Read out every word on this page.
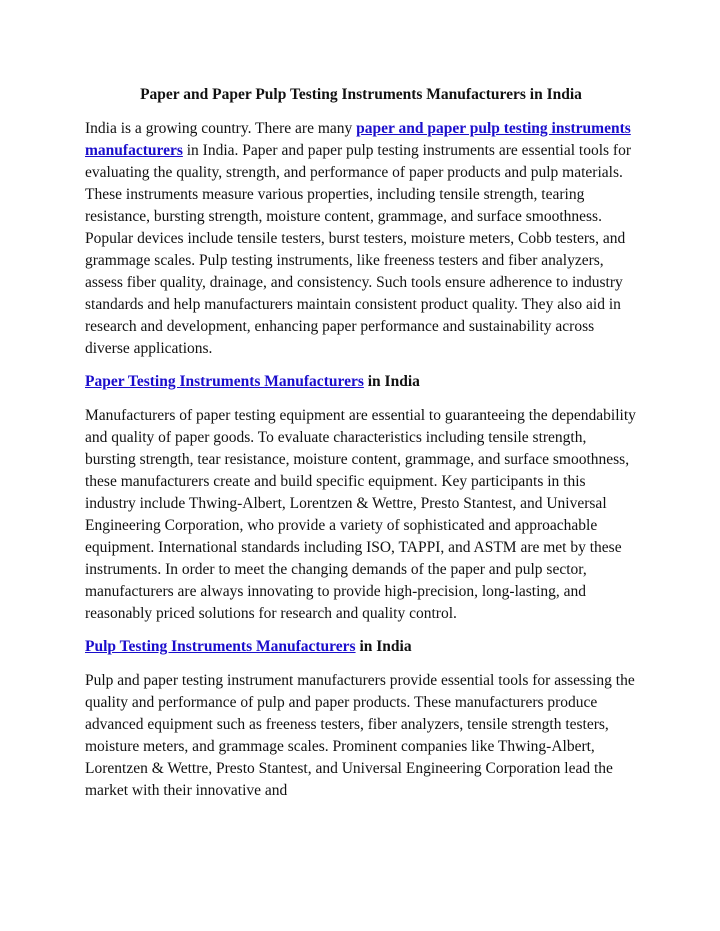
Paper and Paper Pulp Testing Instruments Manufacturers in India

India is a growing country. There are many paper and paper pulp testing instruments manufacturers in India. Paper and paper pulp testing instruments are essential tools for evaluating the quality, strength, and performance of paper products and pulp materials. These instruments measure various properties, including tensile strength, tearing resistance, bursting strength, moisture content, grammage, and surface smoothness. Popular devices include tensile testers, burst testers, moisture meters, Cobb testers, and grammage scales. Pulp testing instruments, like freeness testers and fiber analyzers, assess fiber quality, drainage, and consistency. Such tools ensure adherence to industry standards and help manufacturers maintain consistent product quality. They also aid in research and development, enhancing paper performance and sustainability across diverse applications.

Paper Testing Instruments Manufacturers in India

Manufacturers of paper testing equipment are essential to guaranteeing the dependability and quality of paper goods. To evaluate characteristics including tensile strength, bursting strength, tear resistance, moisture content, grammage, and surface smoothness, these manufacturers create and build specific equipment. Key participants in this industry include Thwing-Albert, Lorentzen & Wettre, Presto Stantest, and Universal Engineering Corporation, who provide a variety of sophisticated and approachable equipment. International standards including ISO, TAPPI, and ASTM are met by these instruments. In order to meet the changing demands of the paper and pulp sector, manufacturers are always innovating to provide high-precision, long-lasting, and reasonably priced solutions for research and quality control.

Pulp Testing Instruments Manufacturers in India

Pulp and paper testing instrument manufacturers provide essential tools for assessing the quality and performance of pulp and paper products. These manufacturers produce advanced equipment such as freeness testers, fiber analyzers, tensile strength testers, moisture meters, and grammage scales. Prominent companies like Thwing-Albert, Lorentzen & Wettre, Presto Stantest, and Universal Engineering Corporation lead the market with their innovative and
